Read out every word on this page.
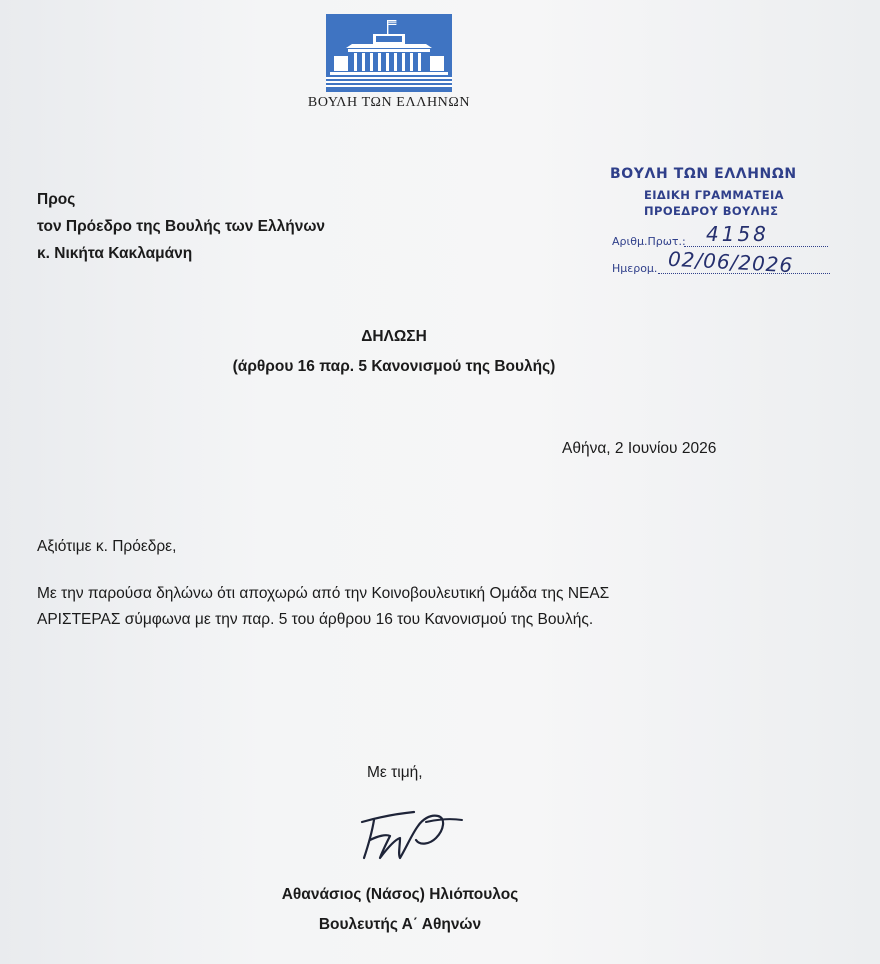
ΒΟΥΛΗ ΤΩΝ ΕΛΛΗΝΩΝ
Προς
τον Πρόεδρο της Βουλής των Ελλήνων
κ. Νικήτα Κακλαμάνη
ΒΟΥΛΗ ΤΩΝ ΕΛΛΗΝΩΝ
ΕΙΔΙΚΗ ΓΡΑΜΜΑΤΕΙΑ
ΠΡΟΕΔΡΟΥ ΒΟΥΛΗΣ
Αριθμ.Πρωτ.: 4158
Ημερομ. 02/06/2026
ΔΗΛΩΣΗ
(άρθρου 16 παρ. 5 Κανονισμού της Βουλής)
Αθήνα, 2 Ιουνίου 2026
Αξιότιμε κ. Πρόεδρε,
Με την παρούσα δηλώνω ότι αποχωρώ από την Κοινοβουλευτική Ομάδα της ΝΕΑΣ
ΑΡΙΣΤΕΡΑΣ σύμφωνα με την παρ. 5 του άρθρου 16 του Κανονισμού της Βουλής.
Με τιμή,
Αθανάσιος (Νάσος) Ηλιόπουλος
Βουλευτής Α΄ Αθηνών
